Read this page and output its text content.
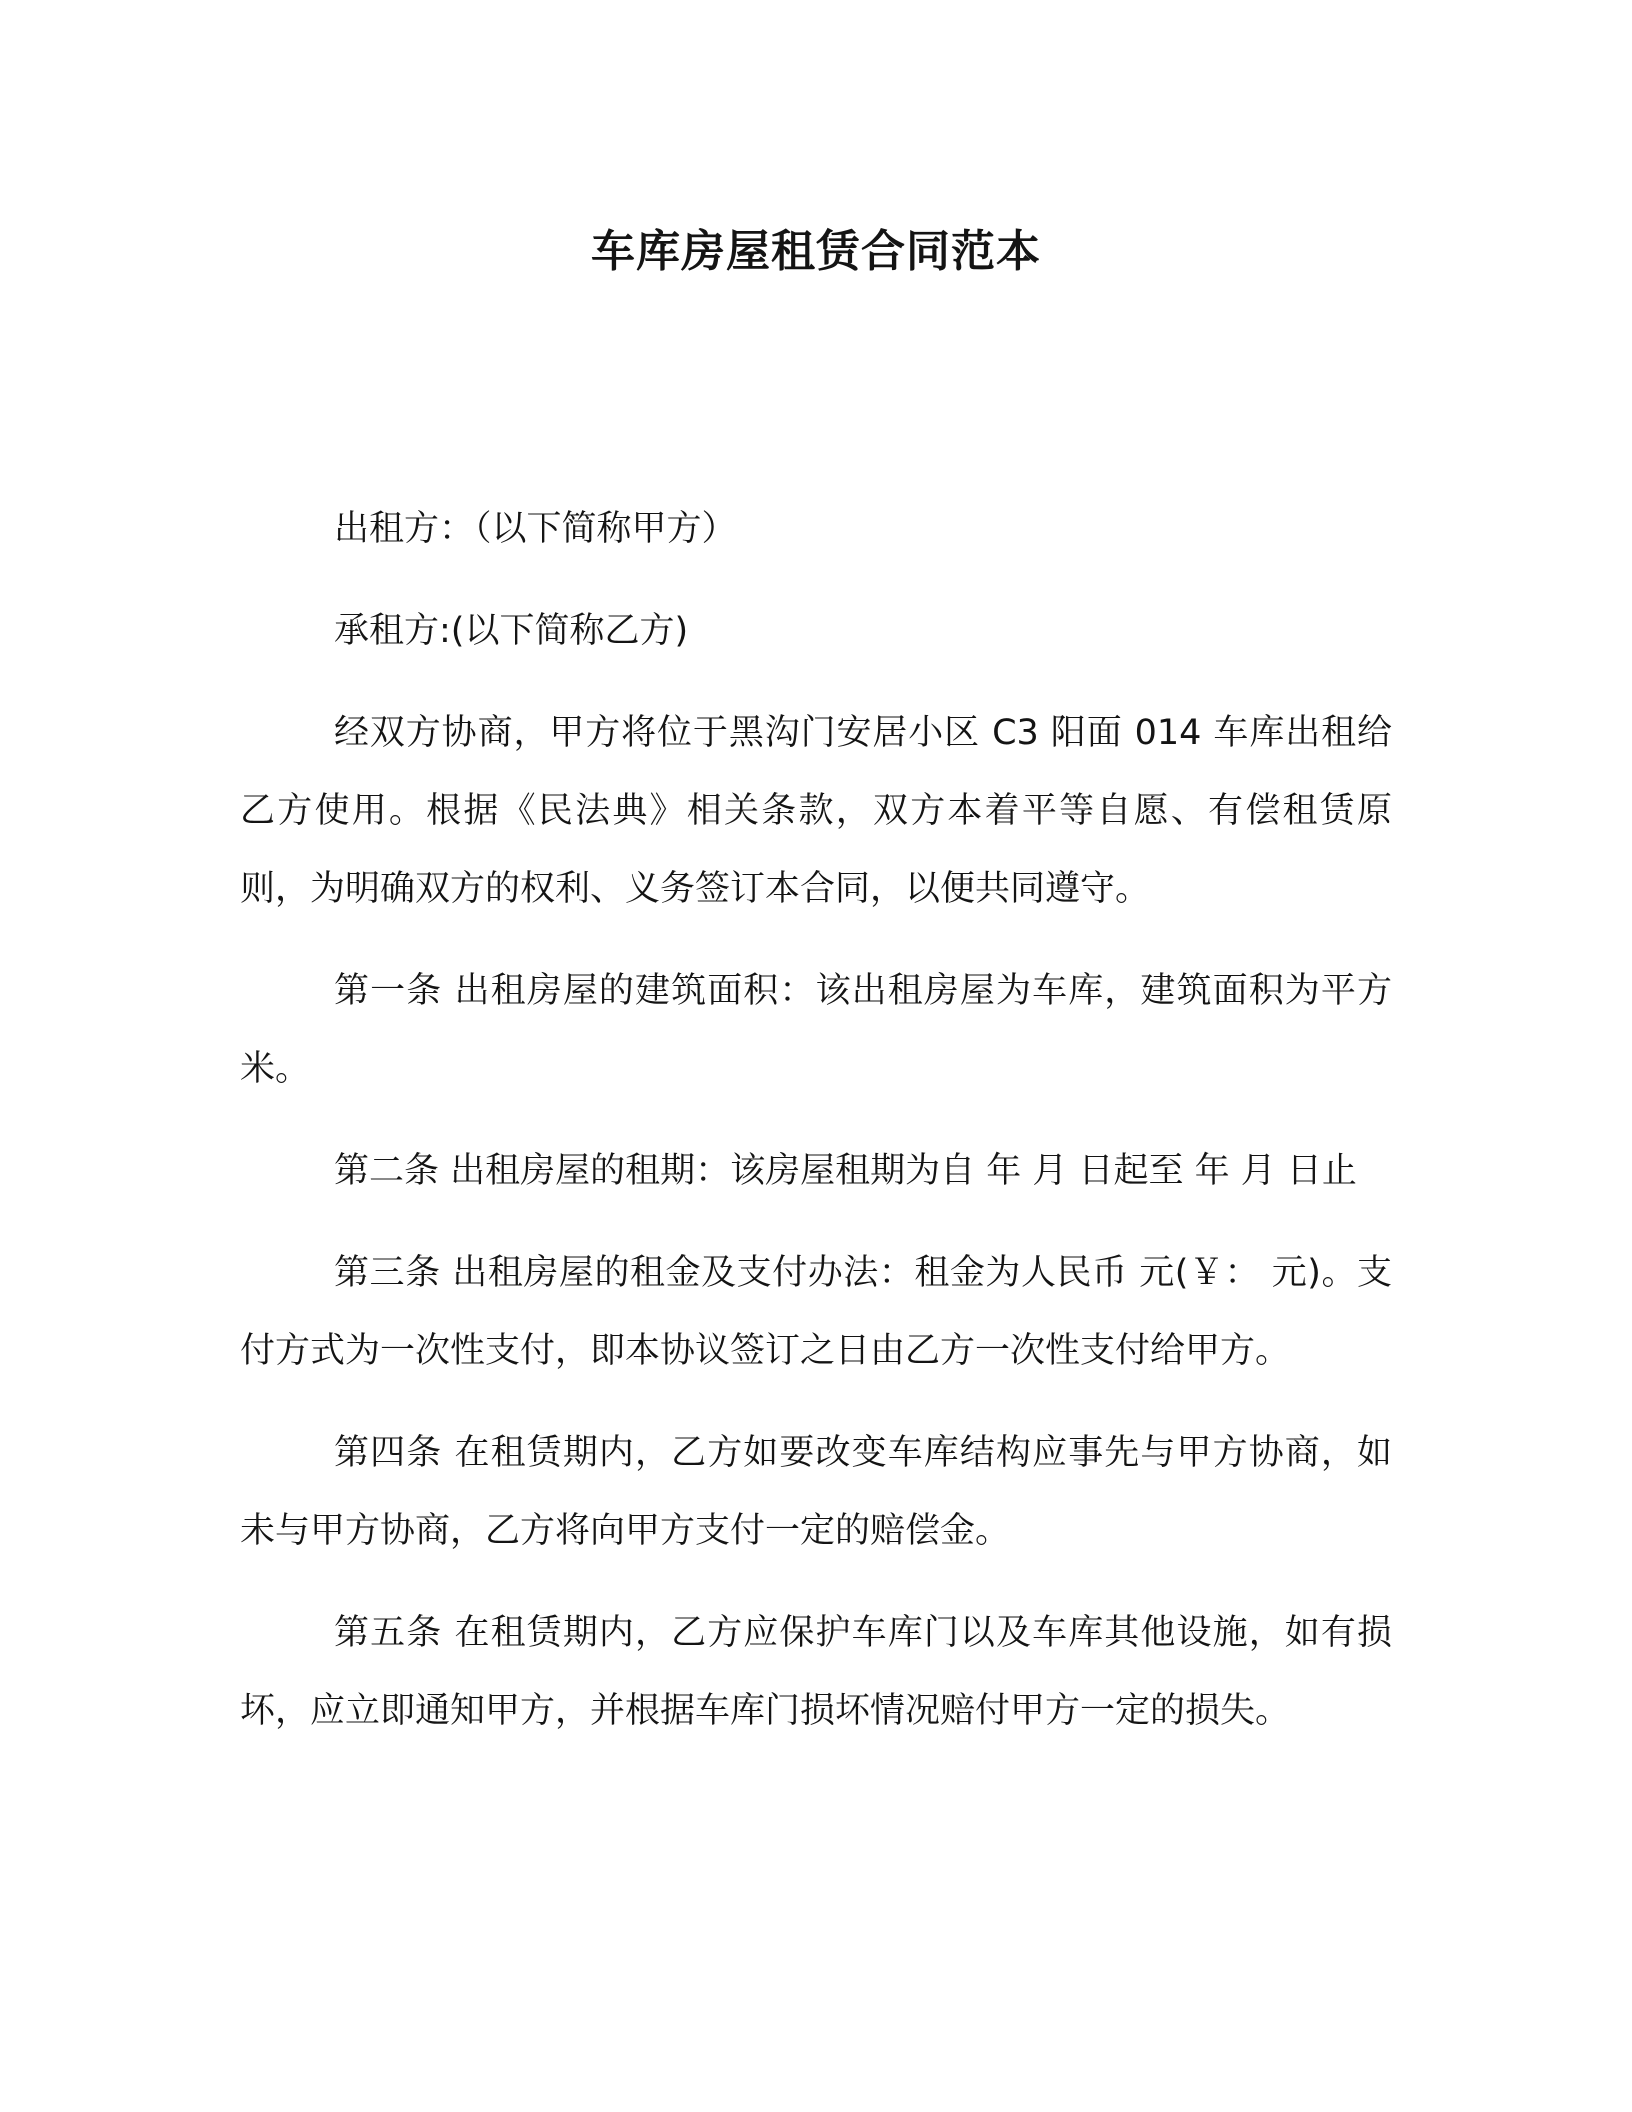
车库房屋租赁合同范本

出租方：（以下简称甲方）

承租方:(以下简称乙方)

经双方协商，甲方将位于黑沟门安居小区 C3 阳面 014 车库出租给乙方使用。根据《民法典》相关条款，双方本着平等自愿、有偿租赁原则，为明确双方的权利、义务签订本合同，以便共同遵守。

第一条 出租房屋的建筑面积：该出租房屋为车库，建筑面积为平方米。

第二条 出租房屋的租期：该房屋租期为自 年 月 日起至 年 月 日止

第三条 出租房屋的租金及支付办法：租金为人民币 元(￥： 元)。支付方式为一次性支付，即本协议签订之日由乙方一次性支付给甲方。

第四条 在租赁期内，乙方如要改变车库结构应事先与甲方协商，如未与甲方协商，乙方将向甲方支付一定的赔偿金。

第五条 在租赁期内，乙方应保护车库门以及车库其他设施，如有损坏，应立即通知甲方，并根据车库门损坏情况赔付甲方一定的损失。
